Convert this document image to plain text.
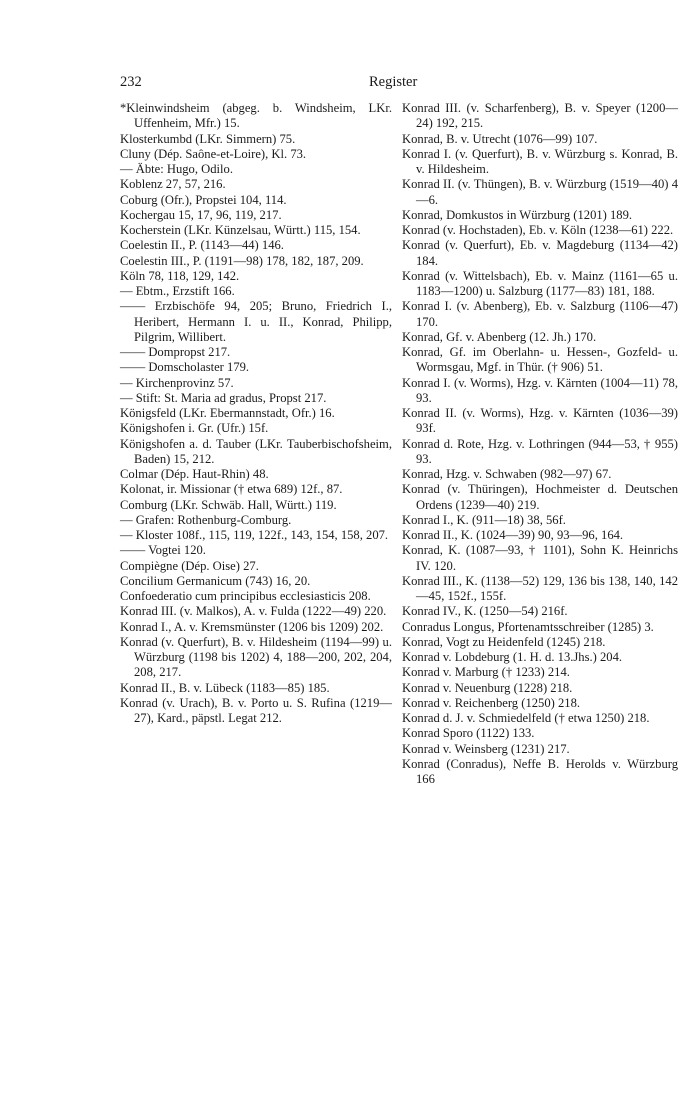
232	Register
*Kleinwindsheim (abgeg. b. Windsheim, LKr. Uffenheim, Mfr.) 15.
Klosterkumbd (LKr. Simmern) 75.
Cluny (Dép. Saône-et-Loire), Kl. 73.
— Äbte: Hugo, Odilo.
Koblenz 27, 57, 216.
Coburg (Ofr.), Propstei 104, 114.
Kochergau 15, 17, 96, 119, 217.
Kocherstein (LKr. Künzelsau, Württ.) 115, 154.
Coelestin II., P. (1143—44) 146.
Coelestin III., P. (1191—98) 178, 182, 187, 209.
Köln 78, 118, 129, 142.
— Ebtm., Erzstift 166.
—— Erzbischöfe 94, 205; Bruno, Friedrich I., Heribert, Hermann I. u. II., Konrad, Philipp, Pilgrim, Willibert.
—— Dompropst 217.
—— Domscholaster 179.
— Kirchenprovinz 57.
— Stift: St. Maria ad gradus, Propst 217.
Königsfeld (LKr. Ebermannstadt, Ofr.) 16.
Königshofen i. Gr. (Ufr.) 15f.
Königshofen a. d. Tauber (LKr. Tauberbischofsheim, Baden) 15, 212.
Colmar (Dép. Haut-Rhin) 48.
Kolonat, ir. Missionar († etwa 689) 12f., 87.
Comburg (LKr. Schwäb. Hall, Württ.) 119.
— Grafen: Rothenburg-Comburg.
— Kloster 108f., 115, 119, 122f., 143, 154, 158, 207.
—— Vogtei 120.
Compiègne (Dép. Oise) 27.
Concilium Germanicum (743) 16, 20.
Confoederatio cum principibus ecclesiasticis 208.
Konrad III. (v. Malkos), A. v. Fulda (1222—49) 220.
Konrad I., A. v. Kremsmünster (1206 bis 1209) 202.
Konrad (v. Querfurt), B. v. Hildesheim (1194—99) u. Würzburg (1198 bis 1202) 4, 188—200, 202, 204, 208, 217.
Konrad II., B. v. Lübeck (1183—85) 185.
Konrad (v. Urach), B. v. Porto u. S. Rufina (1219—27), Kard., päpstl. Legat 212.
Konrad III. (v. Scharfenberg), B. v. Speyer (1200—24) 192, 215.
Konrad, B. v. Utrecht (1076—99) 107.
Konrad I. (v. Querfurt), B. v. Würzburg s. Konrad, B. v. Hildesheim.
Konrad II. (v. Thüngen), B. v. Würzburg (1519—40) 4—6.
Konrad, Domkustos in Würzburg (1201) 189.
Konrad (v. Hochstaden), Eb. v. Köln (1238—61) 222.
Konrad (v. Querfurt), Eb. v. Magdeburg (1134—42) 184.
Konrad (v. Wittelsbach), Eb. v. Mainz (1161—65 u. 1183—1200) u. Salzburg (1177—83) 181, 188.
Konrad I. (v. Abenberg), Eb. v. Salzburg (1106—47) 170.
Konrad, Gf. v. Abenberg (12. Jh.) 170.
Konrad, Gf. im Oberlahn- u. Hessen-, Gozfeld- u. Wormsgau, Mgf. in Thür. († 906) 51.
Konrad I. (v. Worms), Hzg. v. Kärnten (1004—11) 78, 93.
Konrad II. (v. Worms), Hzg. v. Kärnten (1036—39) 93f.
Konrad d. Rote, Hzg. v. Lothringen (944—53, † 955) 93.
Konrad, Hzg. v. Schwaben (982—97) 67.
Konrad (v. Thüringen), Hochmeister d. Deutschen Ordens (1239—40) 219.
Konrad I., K. (911—18) 38, 56f.
Konrad II., K. (1024—39) 90, 93—96, 164.
Konrad, K. (1087—93, † 1101), Sohn K. Heinrichs IV. 120.
Konrad III., K. (1138—52) 129, 136 bis 138, 140, 142—45, 152f., 155f.
Konrad IV., K. (1250—54) 216f.
Conradus Longus, Pfortenamtsschreiber (1285) 3.
Konrad, Vogt zu Heidenfeld (1245) 218.
Konrad v. Lobdeburg (1. H. d. 13.Jhs.) 204.
Konrad v. Marburg († 1233) 214.
Konrad v. Neuenburg (1228) 218.
Konrad v. Reichenberg (1250) 218.
Konrad d. J. v. Schmiedelfeld († etwa 1250) 218.
Konrad Sporo (1122) 133.
Konrad v. Weinsberg (1231) 217.
Konrad (Conradus), Neffe B. Herolds v. Würzburg 166
